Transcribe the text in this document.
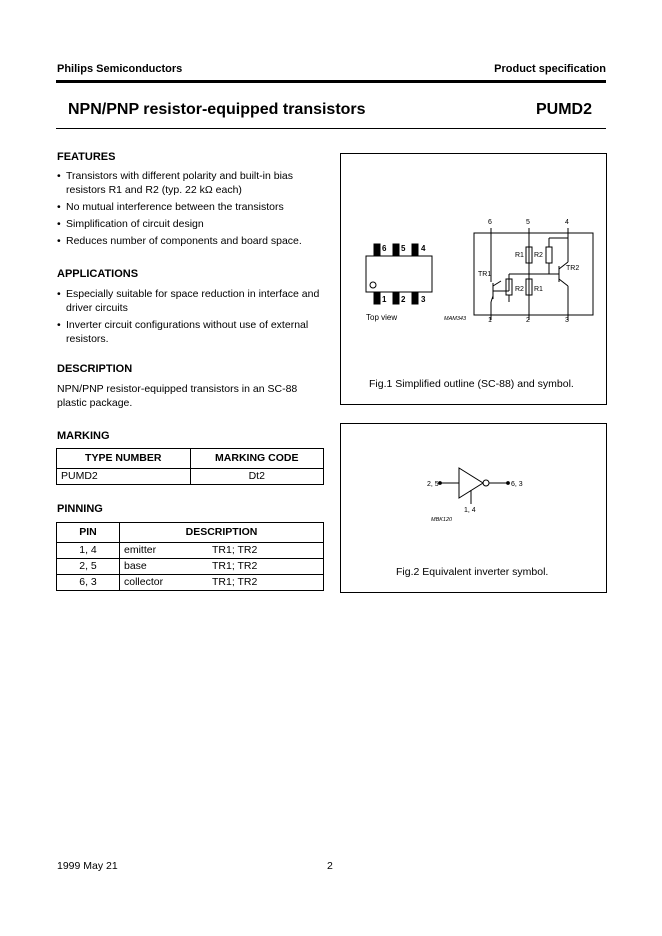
Philips Semiconductors	Product specification
NPN/PNP resistor-equipped transistors	PUMD2
FEATURES
• Transistors with different polarity and built-in bias resistors R1 and R2 (typ. 22 kΩ each)
• No mutual interference between the transistors
• Simplification of circuit design
• Reduces number of components and board space.
APPLICATIONS
• Especially suitable for space reduction in interface and driver circuits
• Inverter circuit configurations without use of external resistors.
DESCRIPTION
NPN/PNP resistor-equipped transistors in an SC-88 plastic package.
MARKING
TYPE NUMBER	MARKING CODE
PUMD2	Dt2
PINNING
PIN	DESCRIPTION	
1, 4	emitter	TR1; TR2
2, 5	base	TR1; TR2
6, 3	collector	TR1; TR2
6 5 4
1 2 3
Top view	MAM343
6	5	4
1	2	3
TR1
TR2
R1 R2
R2 R1
Fig.1 Simplified outline (SC-88) and symbol.
2, 5	6, 3
1, 4
MBK120
Fig.2 Equivalent inverter symbol.
1999 May 21	2
